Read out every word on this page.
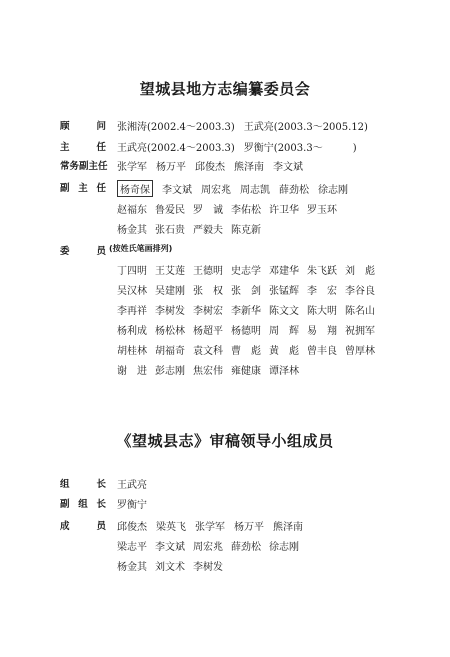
望城县地方志编纂委员会
顾	问 张湘涛(2002.4～2003.3) 王武亮(2003.3～2005.12)
主	任 王武亮(2002.4～2003.3) 罗衡宁(2003.3～　　　)
常务副主任 张学军 杨万平 邱俊杰 熊泽南 李文斌
副 主 任	杨奇保 李文斌 周宏兆 周志凯 薛劲松 徐志刚
赵福东 鲁爱民 罗　诚 李佑松 许卫华 罗玉环
杨金其 张石贵 严毅夫 陈克新
委	员 (按姓氏笔画排列)
丁四明 王艾莲 王德明 史志学 邓建华 朱飞跃 刘　彪
吴汉林 吴建刚 张　权 张　剑 张锰辉 李　宏 李谷良
李再祥 李树发 李树宏 李新华 陈文文 陈大明 陈名山
杨利成 杨松林 杨超平 杨德明 周　辉 易　翔 祝拥军
胡桂林 胡福奇 袁文科 曹　彪 黄　彪 曾丰良 曾厚林
谢　进 彭志刚 焦宏伟 雍健康 谭泽林
《望城县志》审稿领导小组成员
组	长 王武亮
副 组 长 罗衡宁
成	员 邱俊杰 梁英飞 张学军 杨万平 熊泽南
梁志平 李文斌 周宏兆 薛劲松 徐志刚
杨金其 刘文术 李树发
